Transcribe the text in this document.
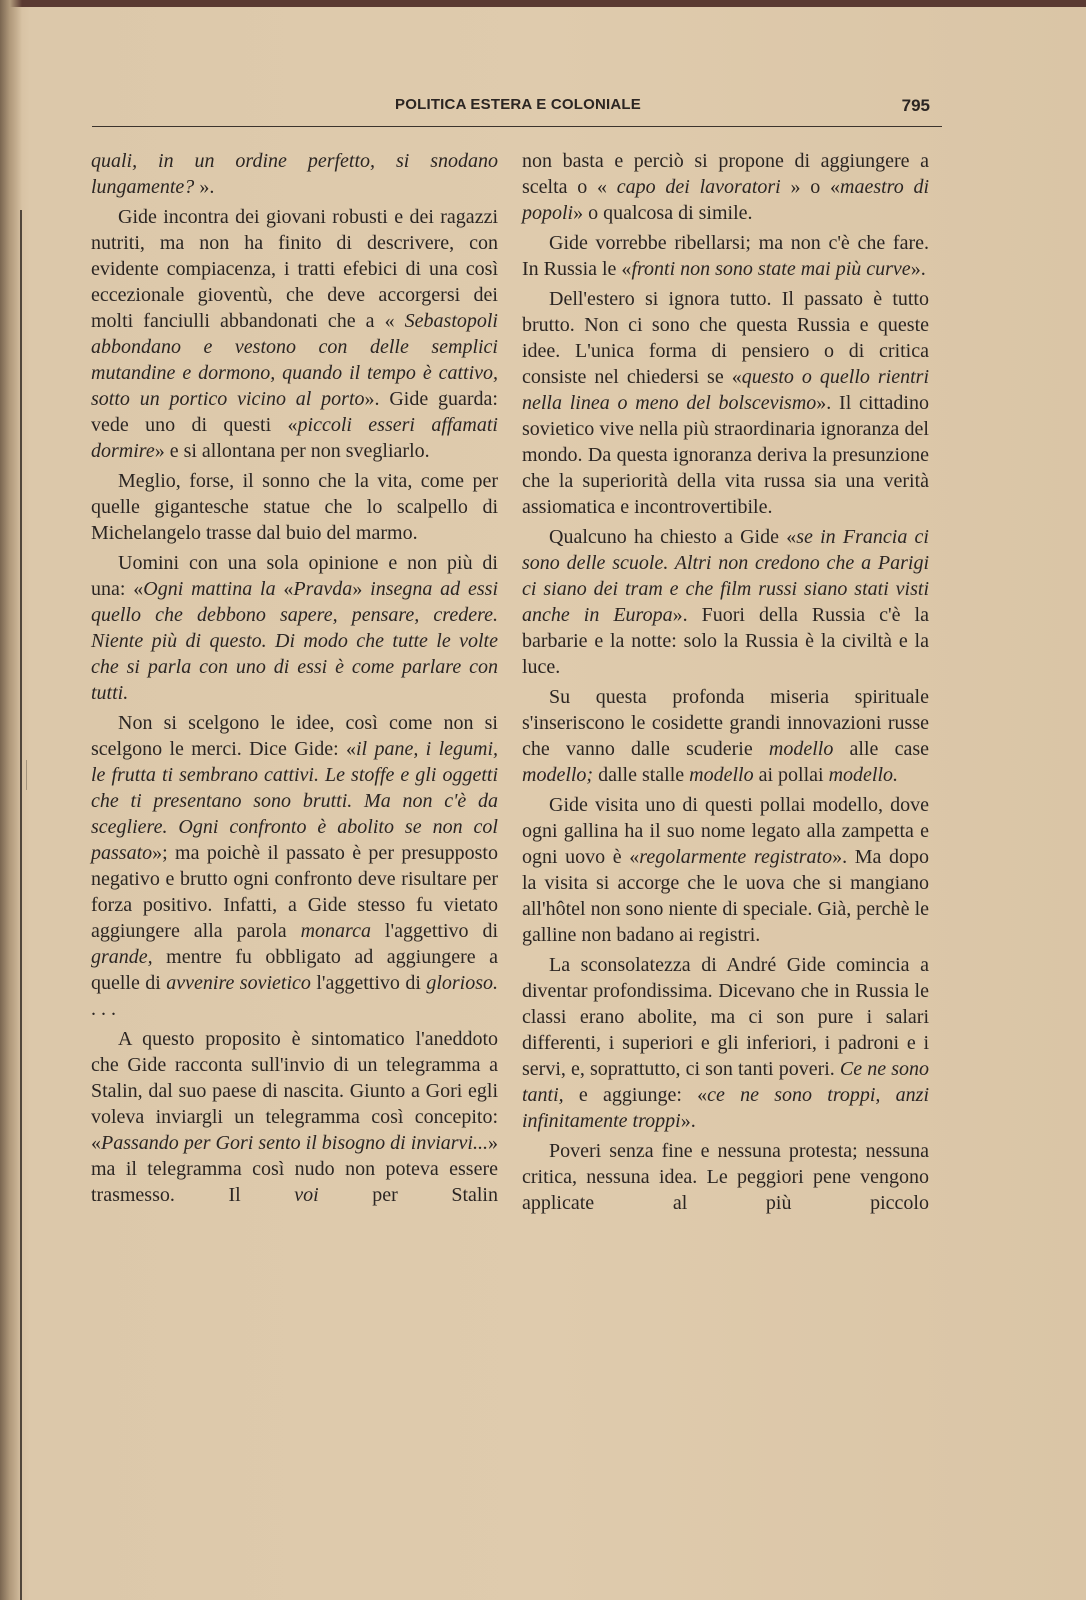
POLITICA ESTERA E COLONIALE	795

quali, in un ordine perfetto, si snodano lungamente? ».

Gide incontra dei giovani robusti e dei ragazzi nutriti, ma non ha finito di descrivere, con evidente compiacenza, i tratti efebici di una così eccezionale gioventù, che deve accorgersi dei molti fanciulli abbandonati che a « Sebastopoli abbondano e vestono con delle semplici mutandine e dormono, quando il tempo è cattivo, sotto un portico vicino al porto». Gide guarda: vede uno di questi «piccoli esseri affamati dormire» e si allontana per non svegliarlo.

Meglio, forse, il sonno che la vita, come per quelle gigantesche statue che lo scalpello di Michelangelo trasse dal buio del marmo.

Uomini con una sola opinione e non più di una: «Ogni mattina la «Pravda» insegna ad essi quello che debbono sapere, pensare, credere. Niente più di questo. Di modo che tutte le volte che si parla con uno di essi è come parlare con tutti.

Non si scelgono le idee, così come non si scelgono le merci. Dice Gide: «il pane, i legumi, le frutta ti sembrano cattivi. Le stoffe e gli oggetti che ti presentano sono brutti. Ma non c'è da scegliere. Ogni confronto è abolito se non col passato»; ma poichè il passato è per presupposto negativo e brutto ogni confronto deve risultare per forza positivo. Infatti, a Gide stesso fu vietato aggiungere alla parola monarca l'aggettivo di grande, mentre fu obbligato ad aggiungere a quelle di avvenire sovietico l'aggettivo di glorioso. . . .

A questo proposito è sintomatico l'aneddoto che Gide racconta sull'invio di un telegramma a Stalin, dal suo paese di nascita. Giunto a Gori egli voleva inviargli un telegramma così concepito: «Passando per Gori sento il bisogno di inviarvi...» ma il telegramma così nudo non poteva essere trasmesso. Il voi per Stalin

non basta e perciò si propone di aggiungere a scelta o « capo dei lavoratori » o «maestro di popoli» o qualcosa di simile.

Gide vorrebbe ribellarsi; ma non c'è che fare. In Russia le «fronti non sono state mai più curve».

Dell'estero si ignora tutto. Il passato è tutto brutto. Non ci sono che questa Russia e queste idee. L'unica forma di pensiero o di critica consiste nel chiedersi se «questo o quello rientri nella linea o meno del bolscevismo». Il cittadino sovietico vive nella più straordinaria ignoranza del mondo. Da questa ignoranza deriva la presunzione che la superiorità della vita russa sia una verità assiomatica e incontrovertibile.

Qualcuno ha chiesto a Gide «se in Francia ci sono delle scuole. Altri non credono che a Parigi ci siano dei tram e che film russi siano stati visti anche in Europa». Fuori della Russia c'è la barbarie e la notte: solo la Russia è la civiltà e la luce.

Su questa profonda miseria spirituale s'inseriscono le cosidette grandi innovazioni russe che vanno dalle scuderie modello alle case modello; dalle stalle modello ai pollai modello.

Gide visita uno di questi pollai modello, dove ogni gallina ha il suo nome legato alla zampetta e ogni uovo è «regolarmente registrato». Ma dopo la visita si accorge che le uova che si mangiano all'hôtel non sono niente di speciale. Già, perchè le galline non badano ai registri.

La sconsolatezza di André Gide comincia a diventar profondissima. Dicevano che in Russia le classi erano abolite, ma ci son pure i salari differenti, i superiori e gli inferiori, i padroni e i servi, e, soprattutto, ci son tanti poveri. Ce ne sono tanti, e aggiunge: «ce ne sono troppi, anzi infinitamente troppi».

Poveri senza fine e nessuna protesta; nessuna critica, nessuna idea. Le peggiori pene vengono applicate al più piccolo
